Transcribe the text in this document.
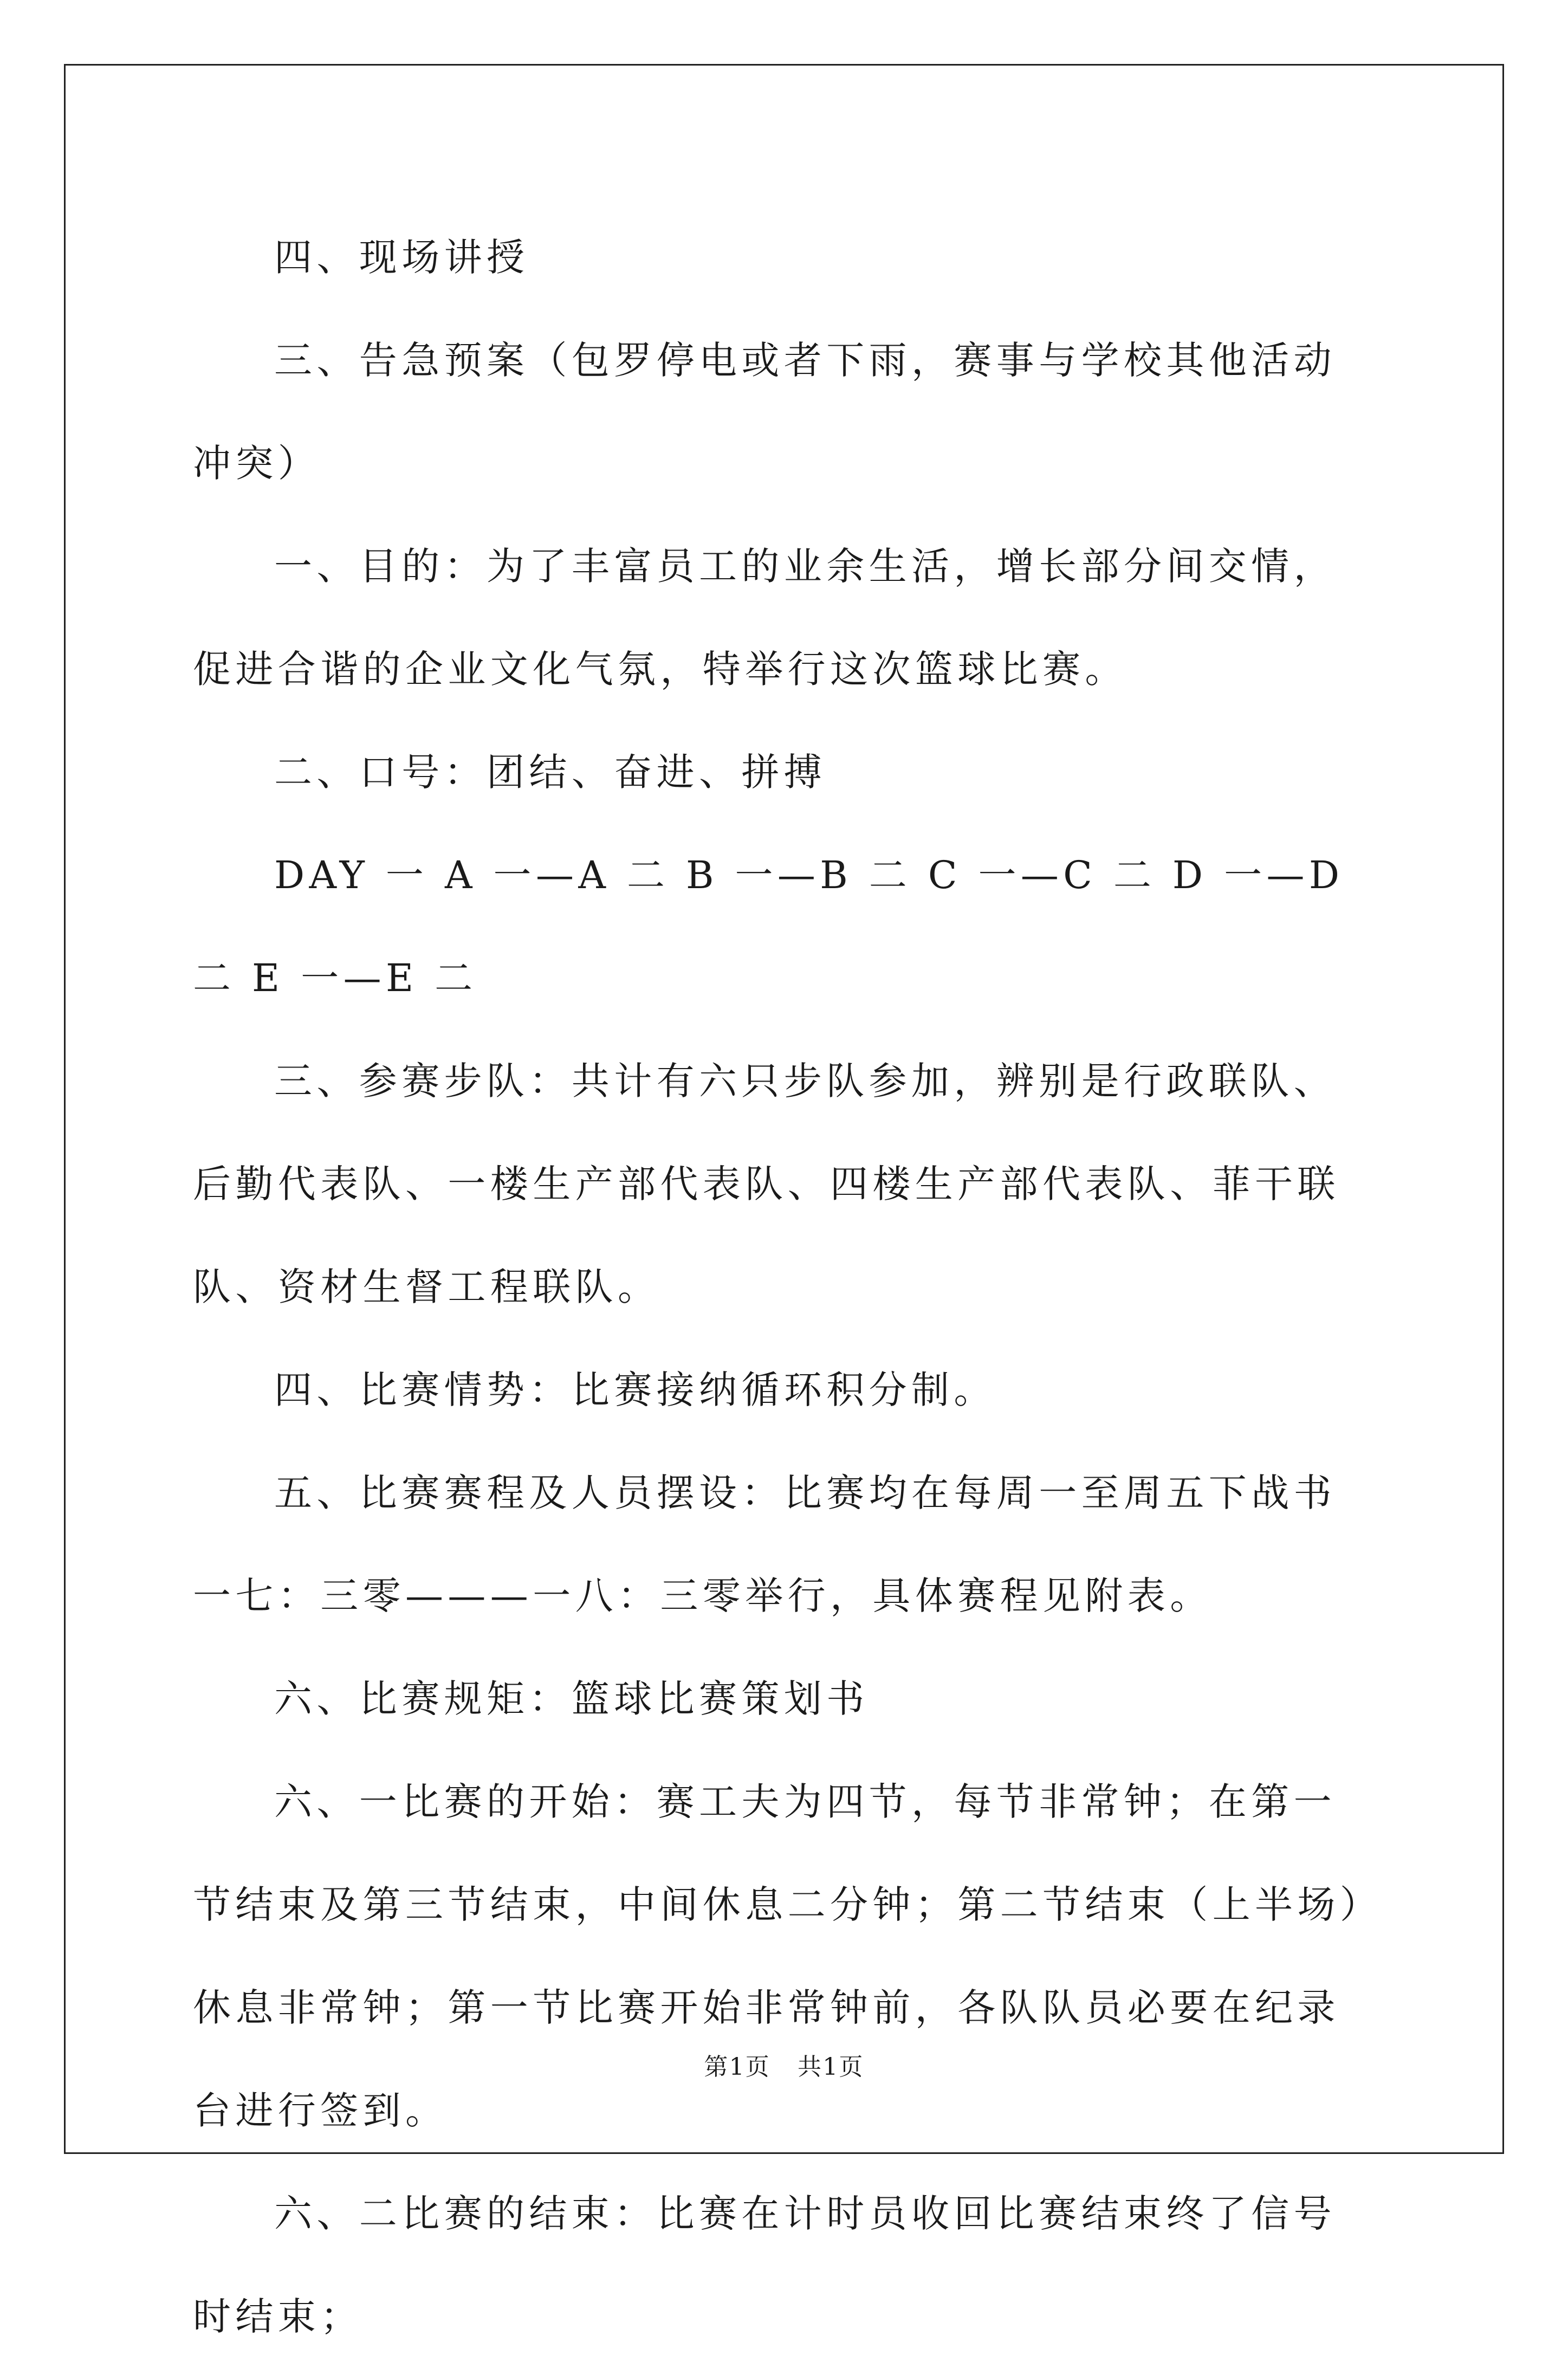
四、现场讲授

三、告急预案（包罗停电或者下雨，赛事与学校其他活动冲突）

一、目的：为了丰富员工的业余生活，增长部分间交情，促进合谐的企业文化气氛，特举行这次篮球比赛。

二、口号：团结、奋进、拼搏

DAY 一 A 一—A 二 B 一—B 二 C 一—C 二 D 一—D 二 E 一—E 二

三、参赛步队：共计有六只步队参加，辨别是行政联队、后勤代表队、一楼生产部代表队、四楼生产部代表队、菲干联队、资材生督工程联队。

四、比赛情势：比赛接纳循环积分制。

五、比赛赛程及人员摆设：比赛均在每周一至周五下战书一七：三零———一八：三零举行，具体赛程见附表。

六、比赛规矩：篮球比赛策划书

六、一比赛的开始：赛工夫为四节，每节非常钟；在第一节结束及第三节结束，中间休息二分钟；第二节结束（上半场）休息非常钟；第一节比赛开始非常钟前，各队队员必要在纪录台进行签到。

六、二比赛的结束：比赛在计时员收回比赛结束终了信号时结束；

第1页 共1页
